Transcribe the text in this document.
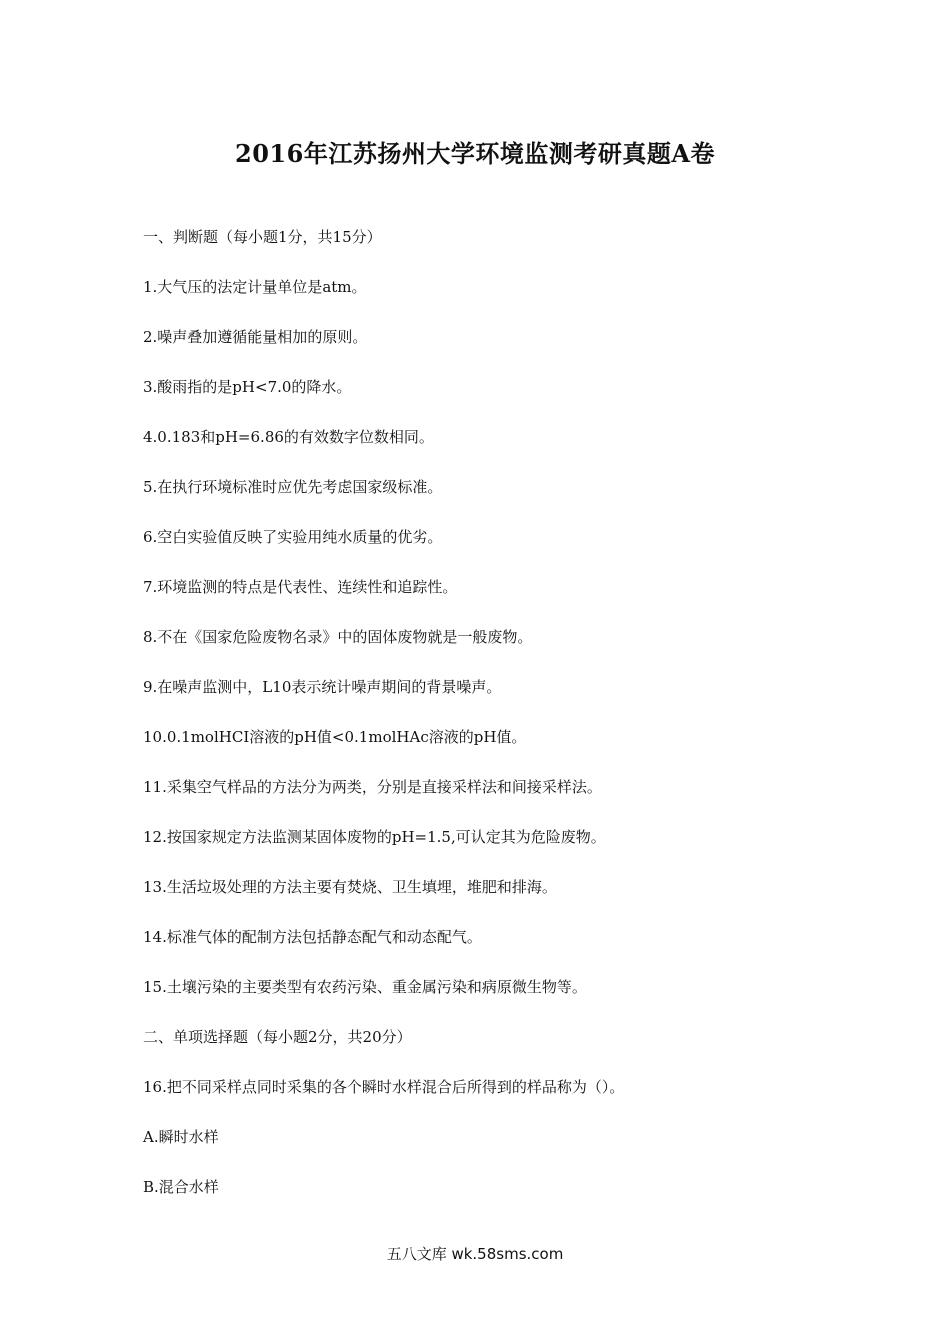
2016年江苏扬州大学环境监测考研真题A卷
一、判断题（每小题1分，共15分）
1.大气压的法定计量单位是atm。
2.噪声叠加遵循能量相加的原则。
3.酸雨指的是pH<7.0的降水。
4.0.183和pH=6.86的有效数字位数相同。
5.在执行环境标准时应优先考虑国家级标准。
6.空白实验值反映了实验用纯水质量的优劣。
7.环境监测的特点是代表性、连续性和追踪性。
8.不在《国家危险废物名录》中的固体废物就是一般废物。
9.在噪声监测中，L10表示统计噪声期间的背景噪声。
10.0.1molHCI溶液的pH值<0.1molHAc溶液的pH值。
11.采集空气样品的方法分为两类，分别是直接采样法和间接采样法。
12.按国家规定方法监测某固体废物的pH=1.5,可认定其为危险废物。
13.生活垃圾处理的方法主要有焚烧、卫生填埋，堆肥和排海。
14.标准气体的配制方法包括静态配气和动态配气。
15.土壤污染的主要类型有农药污染、重金属污染和病原微生物等。
二、单项选择题（每小题2分，共20分）
16.把不同采样点同时采集的各个瞬时水样混合后所得到的样品称为（）。
A.瞬时水样
B.混合水样
五八文库 wk.58sms.com
